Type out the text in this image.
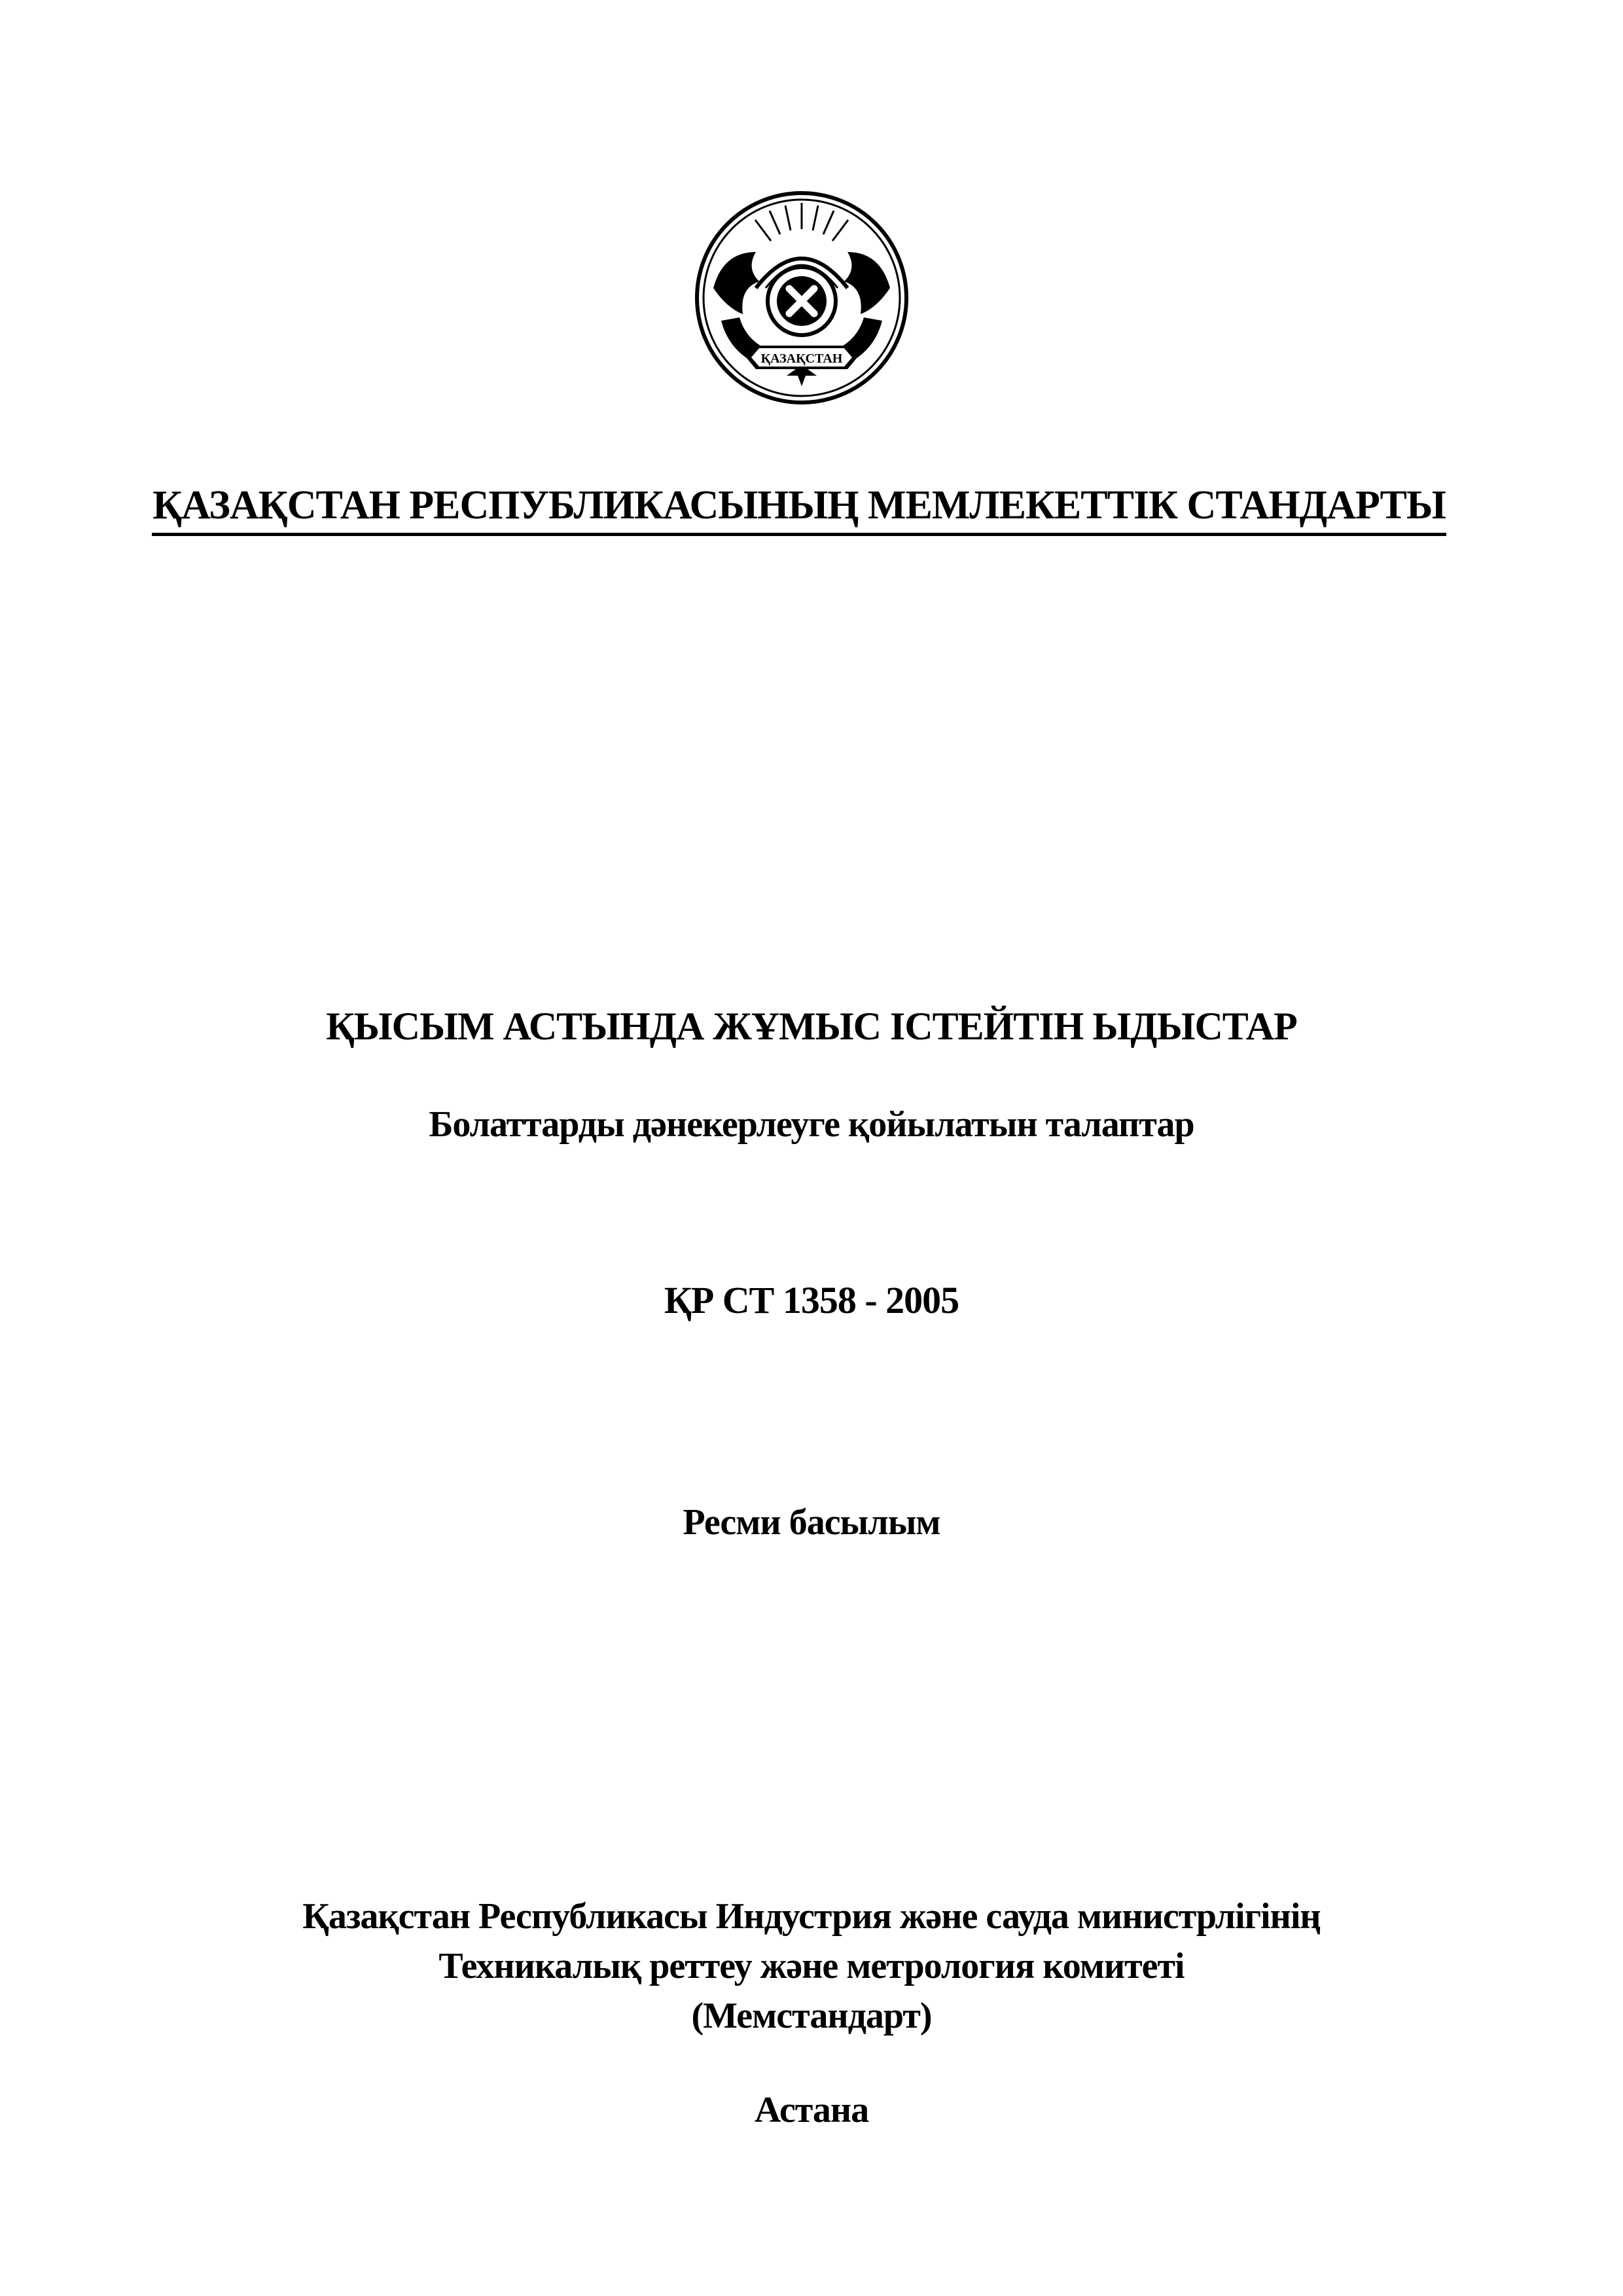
ҚАЗАҚСТАН
ҚАЗАҚСТАН РЕСПУБЛИКАСЫНЫҢ МЕМЛЕКЕТТІК СТАНДАРТЫ
ҚЫСЫМ АСТЫНДА ЖҰМЫС ІСТЕЙТІН ЫДЫСТАР
Болаттарды дәнекерлеуге қойылатын талаптар
ҚР СТ 1358 - 2005
Ресми басылым
Қазақстан Республикасы Индустрия және сауда министрлігінің
Техникалық реттеу және метрология комитеті
(Мемстандарт)
Астана
